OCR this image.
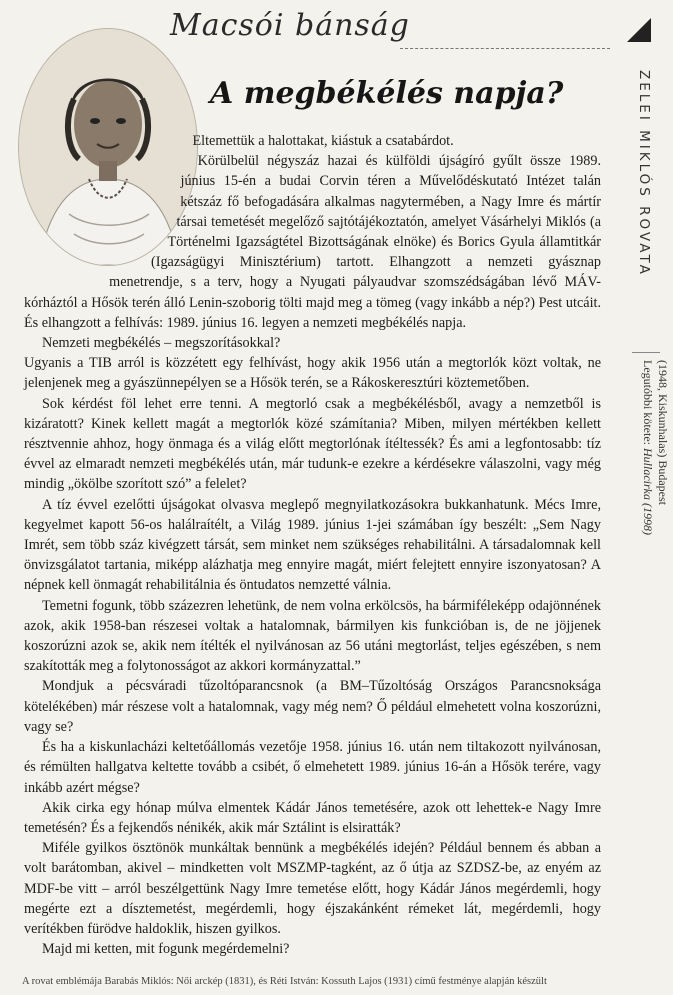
Macsói bánság
A megbékélés napja?	ZELEI MIKLÓS ROVATA
(1948, Kiskunhalas) Budapest
Legutóbbi kötete: Hullacirka (1998)

Eltemettük a halottakat, kiástuk a csatabárdot.

Körülbelül négyszáz hazai és külföldi újságíró gyűlt össze 1989. június 15-én a budai Corvin téren a Művelődéskutató Intézet talán kétszáz fő befogadására alkalmas nagytermében, a Nagy Imre és mártír társai temetését megelőző sajtótájékoztatón, amelyet Vásárhelyi Miklós (a Történelmi Igazságtétel Bizottságának elnöke) és Borics Gyula államtitkár (Igazságügyi Minisztérium) tartott. Elhangzott a nemzeti gyásznap menetrendje, s a terv, hogy a Nyugati pályaudvar szomszédságában lévő MÁV-kórháztól a Hősök terén álló Lenin-szoborig tölti majd meg a tömeg (vagy inkább a nép?) Pest utcáit. És elhangzott a felhívás: 1989. június 16. legyen a nemzeti megbékélés napja.

Nemzeti megbékélés – megszorításokkal?

Ugyanis a TIB arról is közzétett egy felhívást, hogy akik 1956 után a megtorlók közt voltak, ne jelenjenek meg a gyászünnepélyen se a Hősök terén, se a Rákoskeresztúri köztemetőben.

Sok kérdést föl lehet erre tenni. A megtorló csak a megbékélésből, avagy a nemzetből is kizáratott? Kinek kellett magát a megtorlók közé számítania? Miben, milyen mértékben kellett résztvennie ahhoz, hogy önmaga és a világ előtt megtorlónak ítéltessék? És ami a legfontosabb: tíz évvel az elmaradt nemzeti megbékélés után, már tudunk-e ezekre a kérdésekre válaszolni, vagy még mindig „ökölbe szorított szó” a felelet?

A tíz évvel ezelőtti újságokat olvasva meglepő megnyilatkozásokra bukkanhatunk. Mécs Imre, kegyelmet kapott 56-os halálraítélt, a Világ 1989. június 1-jei számában így beszélt: „Sem Nagy Imrét, sem több száz kivégzett társát, sem minket nem szükséges rehabilitálni. A társadalomnak kell önvizsgálatot tartania, miképp alázhatja meg ennyire magát, miért felejtett ennyire iszonyatosan? A népnek kell önmagát rehabilitálnia és öntudatos nemzetté válnia.

Temetni fogunk, több százezren lehetünk, de nem volna erkölcsös, ha bármiféleképp odajönnének azok, akik 1958-ban részesei voltak a hatalomnak, bármilyen kis funkcióban is, de ne jöjjenek koszorúzni azok se, akik nem ítélték el nyilvánosan az 56 utáni megtorlást, teljes egészében, s nem szakították meg a folytonosságot az akkori kormányzattal.”

Mondjuk a pécsváradi tűzoltóparancsnok (a BM–Tűzoltóság Országos Parancsnoksága kötelékében) már részese volt a hatalomnak, vagy még nem? Ő például elmehetett volna koszorúzni, vagy se?

És ha a kiskunlacházi keltetőállomás vezetője 1958. június 16. után nem tiltakozott nyilvánosan, és rémülten hallgatva keltette tovább a csibét, ő elmehetett 1989. június 16-án a Hősök terére, vagy inkább azért mégse?

Akik cirka egy hónap múlva elmentek Kádár János temetésére, azok ott lehettek-e Nagy Imre temetésén? És a fejkendős nénikék, akik már Sztálint is elsiratták?

Miféle gyilkos ösztönök munkáltak bennünk a megbékélés idején? Például bennem és abban a volt barátomban, akivel – mindketten volt MSZMP-tagként, az ő útja az SZDSZ-be, az enyém az MDF-be vitt – arról beszélgettünk Nagy Imre temetése előtt, hogy Kádár János megérdemli, hogy megérte ezt a dísztemetést, megérdemli, hogy éjszakánként rémeket lát, megérdemli, hogy verítékben fürödve haldoklik, hiszen gyilkos.

Majd mi ketten, mit fogunk megérdemelni?

A rovat emblémája Barabás Miklós: Női arckép (1831), és Réti István: Kossuth Lajos (1931) című festménye alapján készült
